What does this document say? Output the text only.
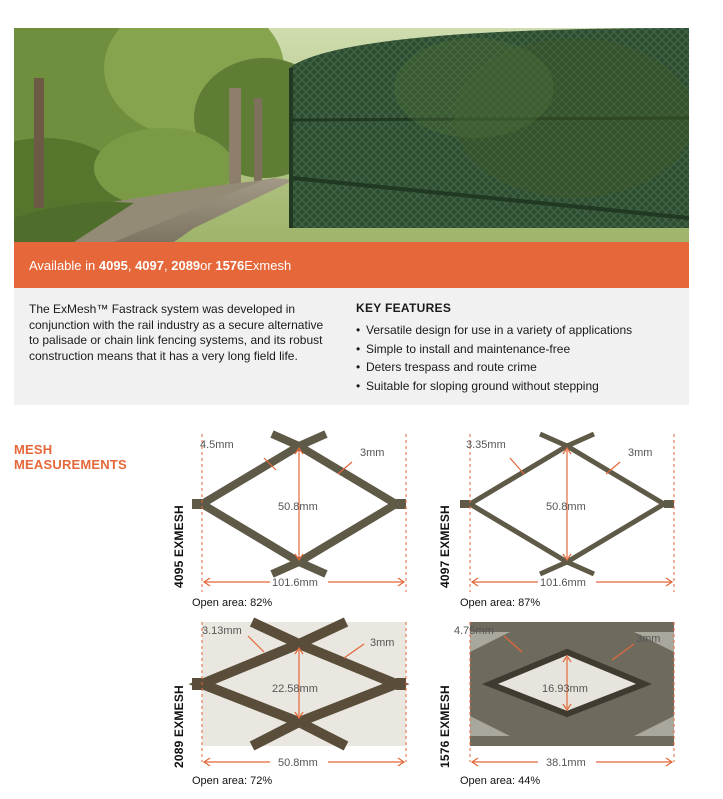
Available in
4095 ,
4097 ,
2089 or
1576 Exmesh

The ExMesh™ Fastrack system was developed in conjunction with the rail industry as a secure alternative to palisade or chain link fencing systems, and its robust construction means that it has a very long field life.

KEY FEATURES
• Versatile design for use in a variety of applications
• Simple to install and maintenance-free
• Deters trespass and route crime
• Suitable for sloping ground without stepping
MESH
MEASUREMENTS
4095 EXMESH
4.5mm
3mm
50.8mm
101.6mm
Open area: 82%
4097 EXMESH
3.35mm
3mm
50.8mm
101.6mm
Open area: 87%
2089 EXMESH
3.13mm
3mm
22.58mm
50.8mm
Open area: 72%
1576 EXMESH
4.75mm
3mm
16.93mm
38.1mm
Open area: 44%
